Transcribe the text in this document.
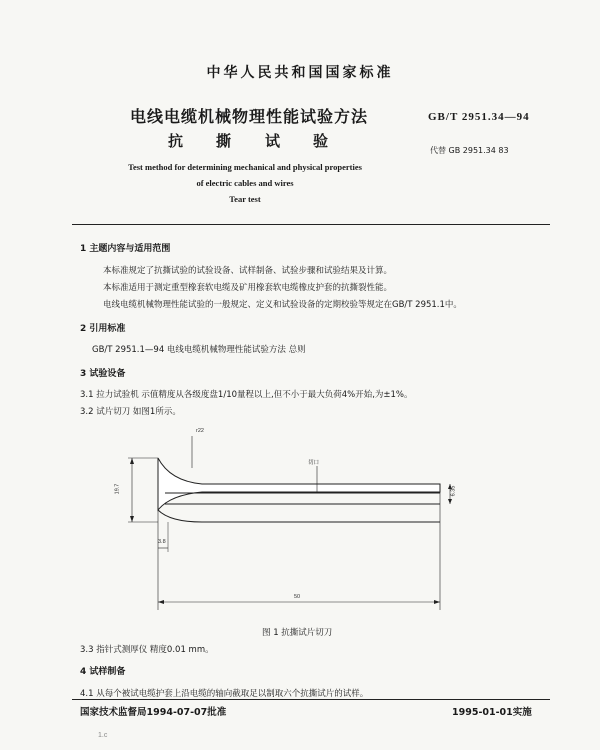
中华人民共和国国家标准
电线电缆机械物理性能试验方法	GB/T 2951.34—94
抗 撕 试 验
代替 GB 2951.34 83
Test method for determining mechanical and physical properties
of electric cables and wires
Tear test
1 主题内容与适用范围
本标准规定了抗撕试验的试验设备、试样制备、试验步骤和试验结果及计算。
本标准适用于测定重型橡套软电缆及矿用橡套软电缆橡皮护套的抗撕裂性能。
电线电缆机械物理性能试验的一般规定、定义和试验设备的定期校验等规定在GB/T 2951.1中。
2 引用标准
GB/T 2951.1—94 电线电缆机械物理性能试验方法 总则
3 试验设备
3.1 拉力试验机 示值精度从各级度盘1/10量程以上,但不小于最大负荷4%开始,为±1%。
3.2 试片切刀 如图1所示。
r22
切口
19.7	6.35
3.8
50
图 1 抗撕试片切刀
3.3 指针式测厚仪 精度0.01 mm。
4 试样制备
4.1 从每个被试电缆护套上沿电缆的轴向截取足以制取六个抗撕试片的试样。
国家技术监督局1994-07-07批准	1995-01-01实施
1.c
